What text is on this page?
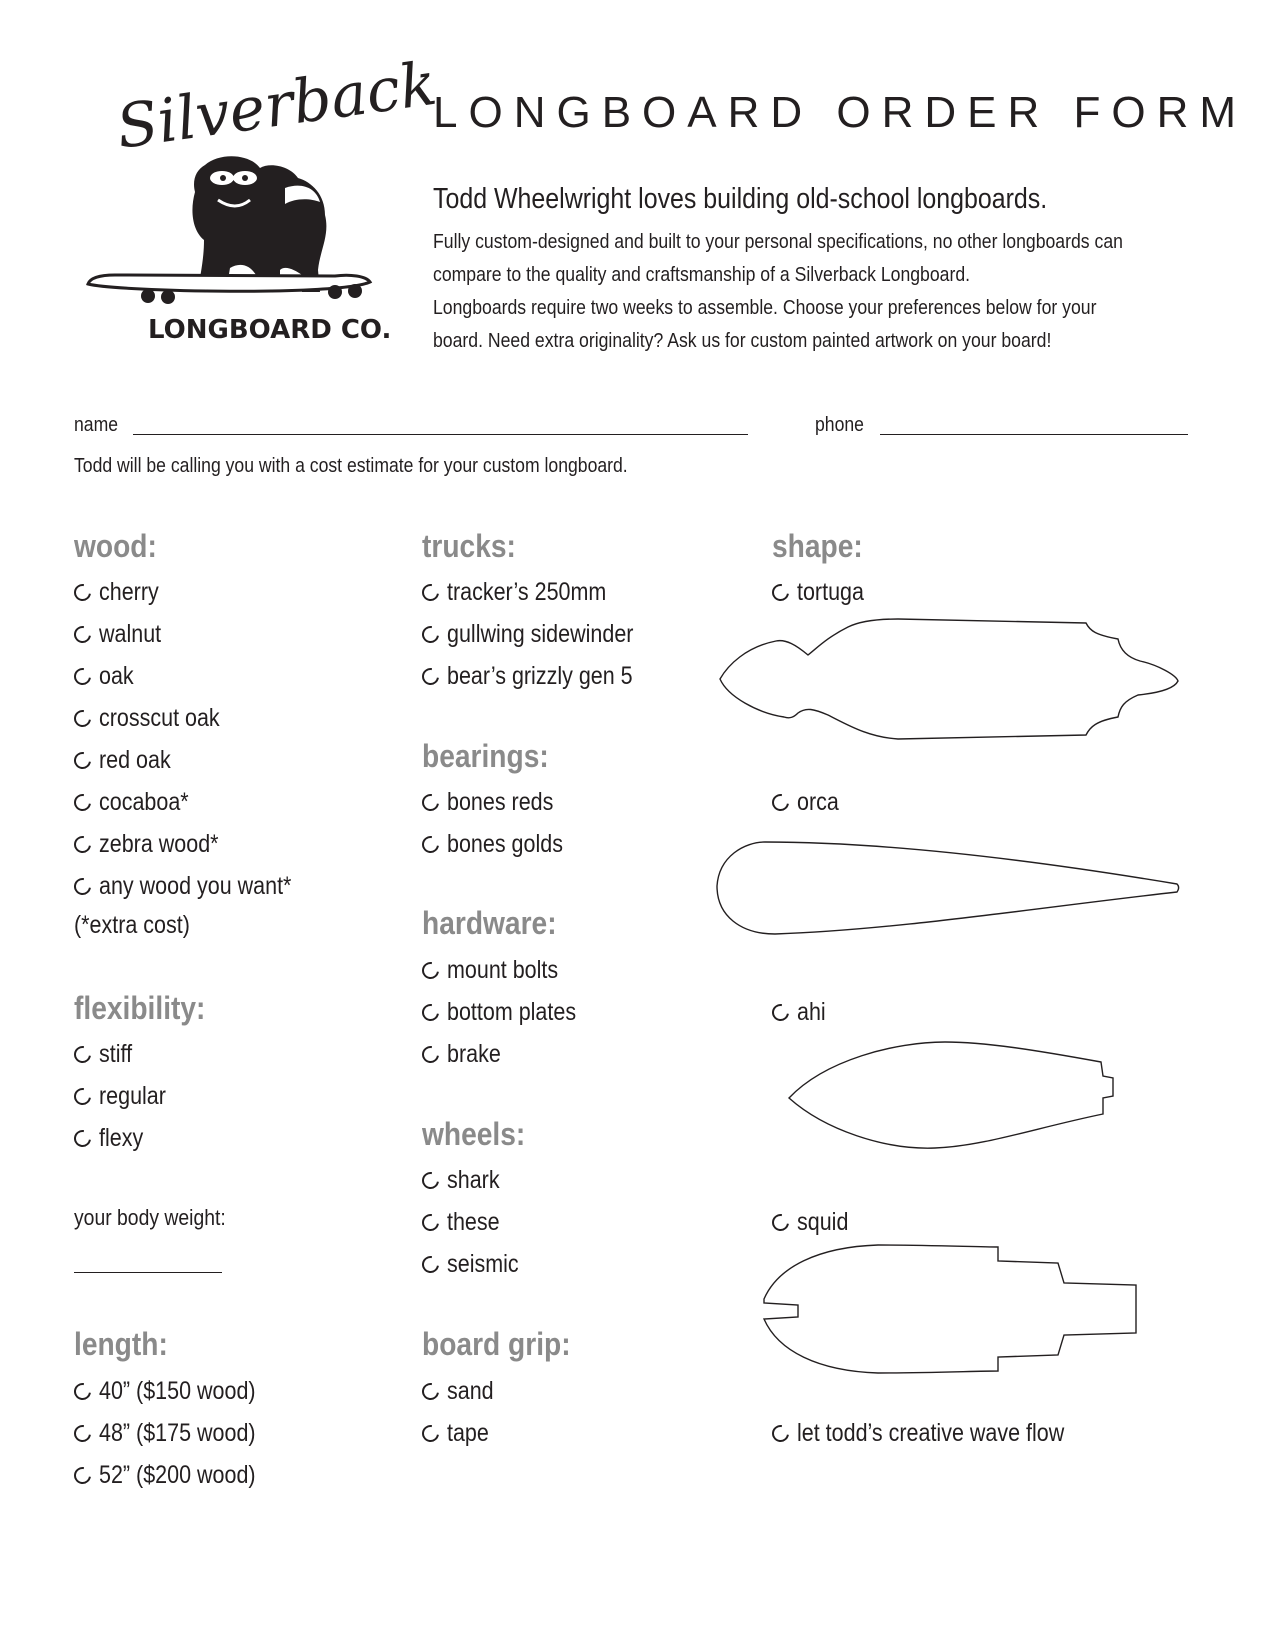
Silverback
LONGBOARD CO.
LONGBOARD ORDER FORM
Todd Wheelwright loves building old-school longboards.

Fully custom-designed and built to your personal specifications, no other longboards can

compare to the quality and craftsmanship of a Silverback Longboard.

Longboards require two weeks to assemble. Choose your preferences below for your

board. Need extra originality? Ask us for custom painted artwork on your board!

name	phone
Todd will be calling you with a cost estimate for your custom longboard.
wood:
cherry
walnut
oak
crosscut oak
red oak
cocaboa*
zebra wood*
any wood you want*
(*extra cost)
flexibility:
stiff
regular
flexy
your body weight:
length:
40” ($150 wood)
48” ($175 wood)
52” ($200 wood)
trucks:
tracker’s 250mm
gullwing sidewinder
bear’s grizzly gen 5
bearings:
bones reds
bones golds
hardware:
mount bolts
bottom plates
brake
wheels:
shark
these
seismic
board grip:
sand
tape
shape:
tortuga
orca
ahi
squid
let todd’s creative wave flow
